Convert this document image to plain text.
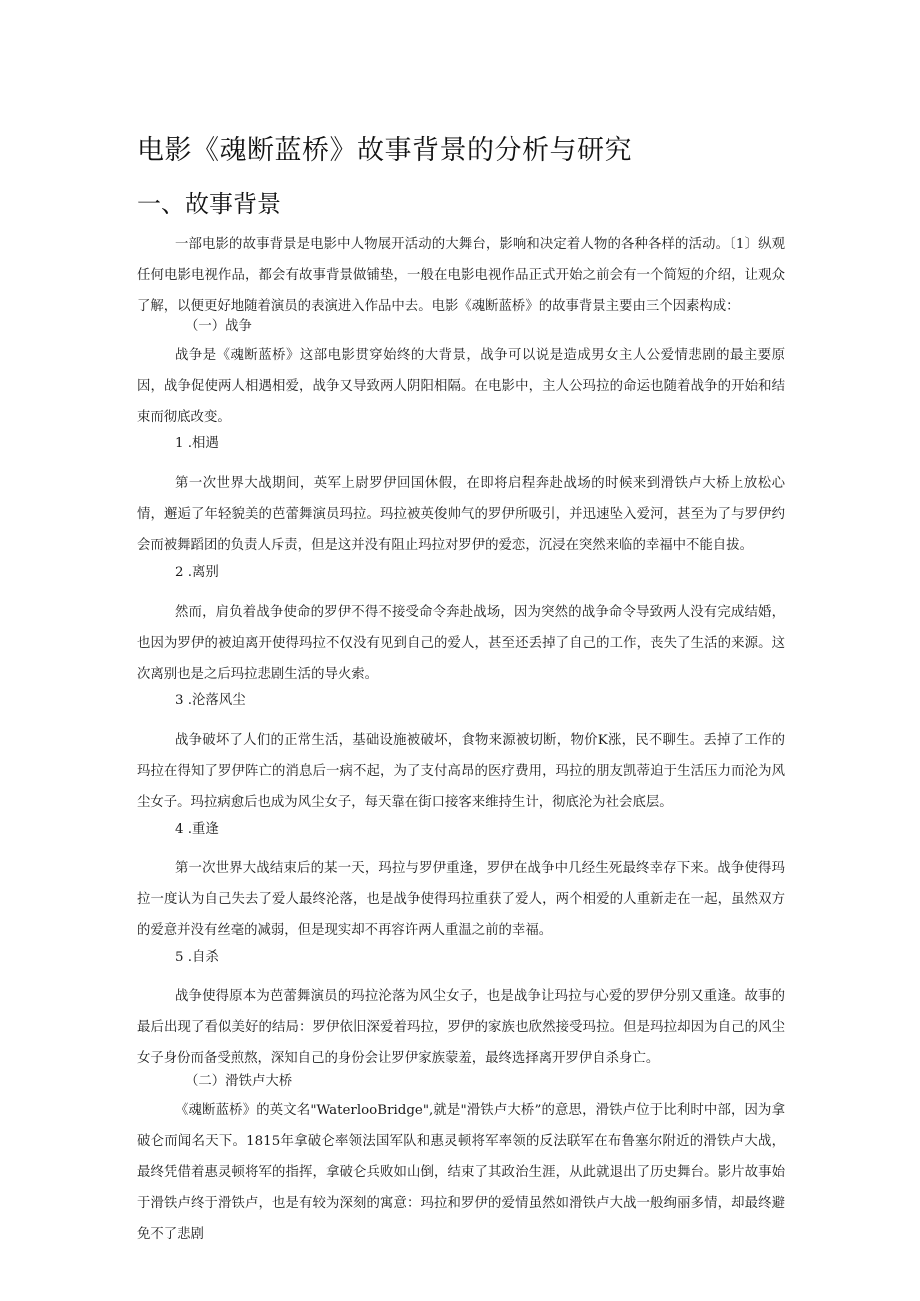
电影《魂断蓝桥》故事背景的分析与研究
一、故事背景

一部电影的故事背景是电影中人物展开活动的大舞台，影响和决定着人物的各种各样的活动。〔1〕纵观任何电影电视作品，都会有故事背景做铺垫，一般在电影电视作品正式开始之前会有一个简短的介绍，让观众了解，以便更好地随着演员的表演进入作品中去。电影《魂断蓝桥》的故事背景主要由三个因素构成：

（一）战争

战争是《魂断蓝桥》这部电影贯穿始终的大背景，战争可以说是造成男女主人公爱情悲剧的最主要原因，战争促使两人相遇相爱，战争又导致两人阴阳相隔。在电影中，主人公玛拉的命运也随着战争的开始和结束而彻底改变。

1 .相遇

第一次世界大战期间，英军上尉罗伊回国休假，在即将启程奔赴战场的时候来到滑铁卢大桥上放松心情，邂逅了年轻貌美的芭蕾舞演员玛拉。玛拉被英俊帅气的罗伊所吸引，并迅速坠入爱河，甚至为了与罗伊约会而被舞蹈团的负责人斥责，但是这并没有阻止玛拉对罗伊的爱恋，沉浸在突然来临的幸福中不能自拔。

2 .离别

然而，肩负着战争使命的罗伊不得不接受命令奔赴战场，因为突然的战争命令导致两人没有完成结婚，也因为罗伊的被迫离开使得玛拉不仅没有见到自己的爱人，甚至还丢掉了自己的工作，丧失了生活的来源。这次离别也是之后玛拉悲剧生活的导火索。

3 .沦落风尘

战争破坏了人们的正常生活，基础设施被破坏，食物来源被切断，物价K涨，民不聊生。丢掉了工作的玛拉在得知了罗伊阵亡的消息后一病不起，为了支付高昂的医疗费用，玛拉的朋友凯蒂迫于生活压力而沦为风尘女子。玛拉病愈后也成为风尘女子，每天靠在街口接客来维持生计，彻底沦为社会底层。

4 .重逢

第一次世界大战结束后的某一天，玛拉与罗伊重逢，罗伊在战争中几经生死最终幸存下来。战争使得玛拉一度认为自己失去了爱人最终沦落，也是战争使得玛拉重获了爱人，两个相爱的人重新走在一起，虽然双方的爱意并没有丝毫的减弱，但是现实却不再容许两人重温之前的幸福。

5 .自杀

战争使得原本为芭蕾舞演员的玛拉沦落为风尘女子，也是战争让玛拉与心爱的罗伊分别又重逢。故事的最后出现了看似美好的结局：罗伊依旧深爱着玛拉，罗伊的家族也欣然接受玛拉。但是玛拉却因为自己的风尘女子身份而备受煎熬，深知自己的身份会让罗伊家族蒙羞，最终选择离开罗伊自杀身亡。

（二）滑铁卢大桥

《魂断蓝桥》的英文名"WaterlooBridge",就是"滑铁卢大桥”的意思，滑铁卢位于比利时中部，因为拿破仑而闻名天下。1815年拿破仑率领法国军队和惠灵顿将军率领的反法联军在布鲁塞尔附近的滑铁卢大战，最终凭借着惠灵顿将军的指挥，拿破仑兵败如山倒，结束了其政治生涯，从此就退出了历史舞台。影片故事始于滑铁卢终于滑铁卢，也是有较为深刻的寓意：玛拉和罗伊的爱情虽然如滑铁卢大战一般绚丽多情，却最终避免不了悲剧
